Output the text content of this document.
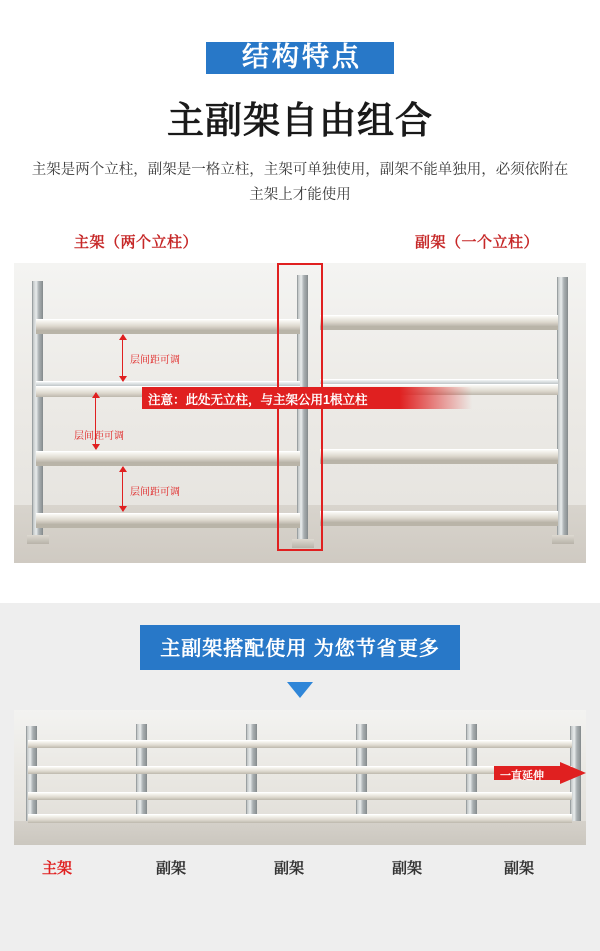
结构特点
主副架自由组合
主架是两个立柱，副架是一格立柱，主架可单独使用，副架不能单独用，必须依附在主架上才能使用
主架（两个立柱）	副架（一个立柱）
层间距可调
层间距可调
层间距可调
注意：此处无立柱，与主架公用1根立柱
主副架搭配使用 为您节省更多
一直延伸
主架	副架	副架	副架	副架
